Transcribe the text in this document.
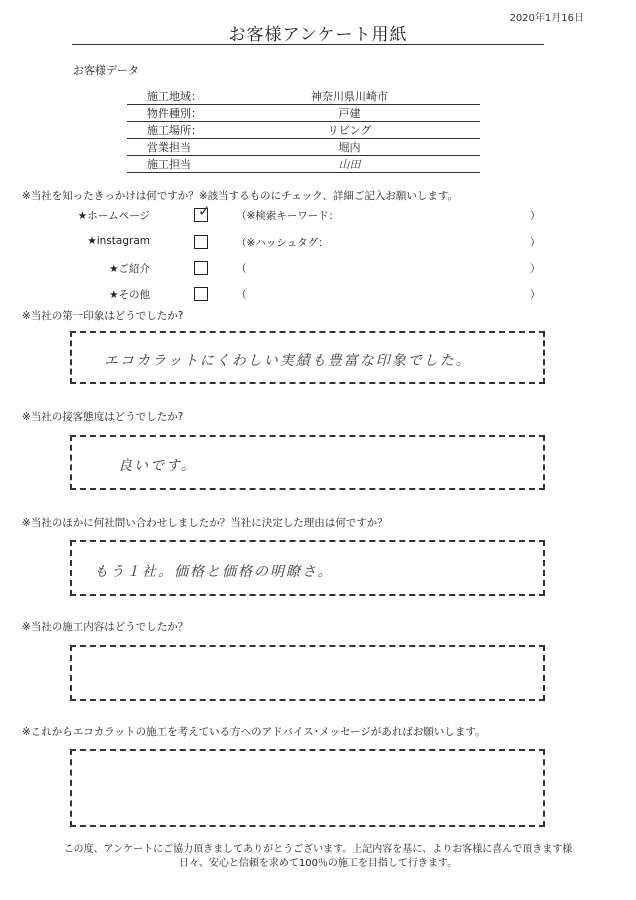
2020年1月16日
お客様アンケート用紙
お客様データ
施工地域：	神奈川県川崎市
物件種別：	戸建
施工場所：	リビング
営業担当	堀内
施工担当	山田
※当社を知ったきっかけは何ですか？※該当するものにチェック、詳細ご記入お願いします。
★ホームページ	✓ （※検索キーワード：	）
★instagram	（※ハッシュタグ：	）
★ご紹介	（	）
★その他	（	）
※当社の第一印象はどうでしたか?
エコカラットにくわしい実績も豊富な印象でした。
※当社の接客態度はどうでしたか?
良いです。
※当社のほかに何社問い合わせしましたか？当社に決定した理由は何ですか？
もう１社。価格と価格の明瞭さ。
※当社の施工内容はどうでしたか？
※これからエコカラットの施工を考えている方へのアドバイス･メッセージがあればお願いします。
この度、アンケートにご協力頂きましてありがとうございます。上記内容を基に、よりお客様に喜んで頂きます様
日々、安心と信頼を求めて100％の施工を目指して行きます。
